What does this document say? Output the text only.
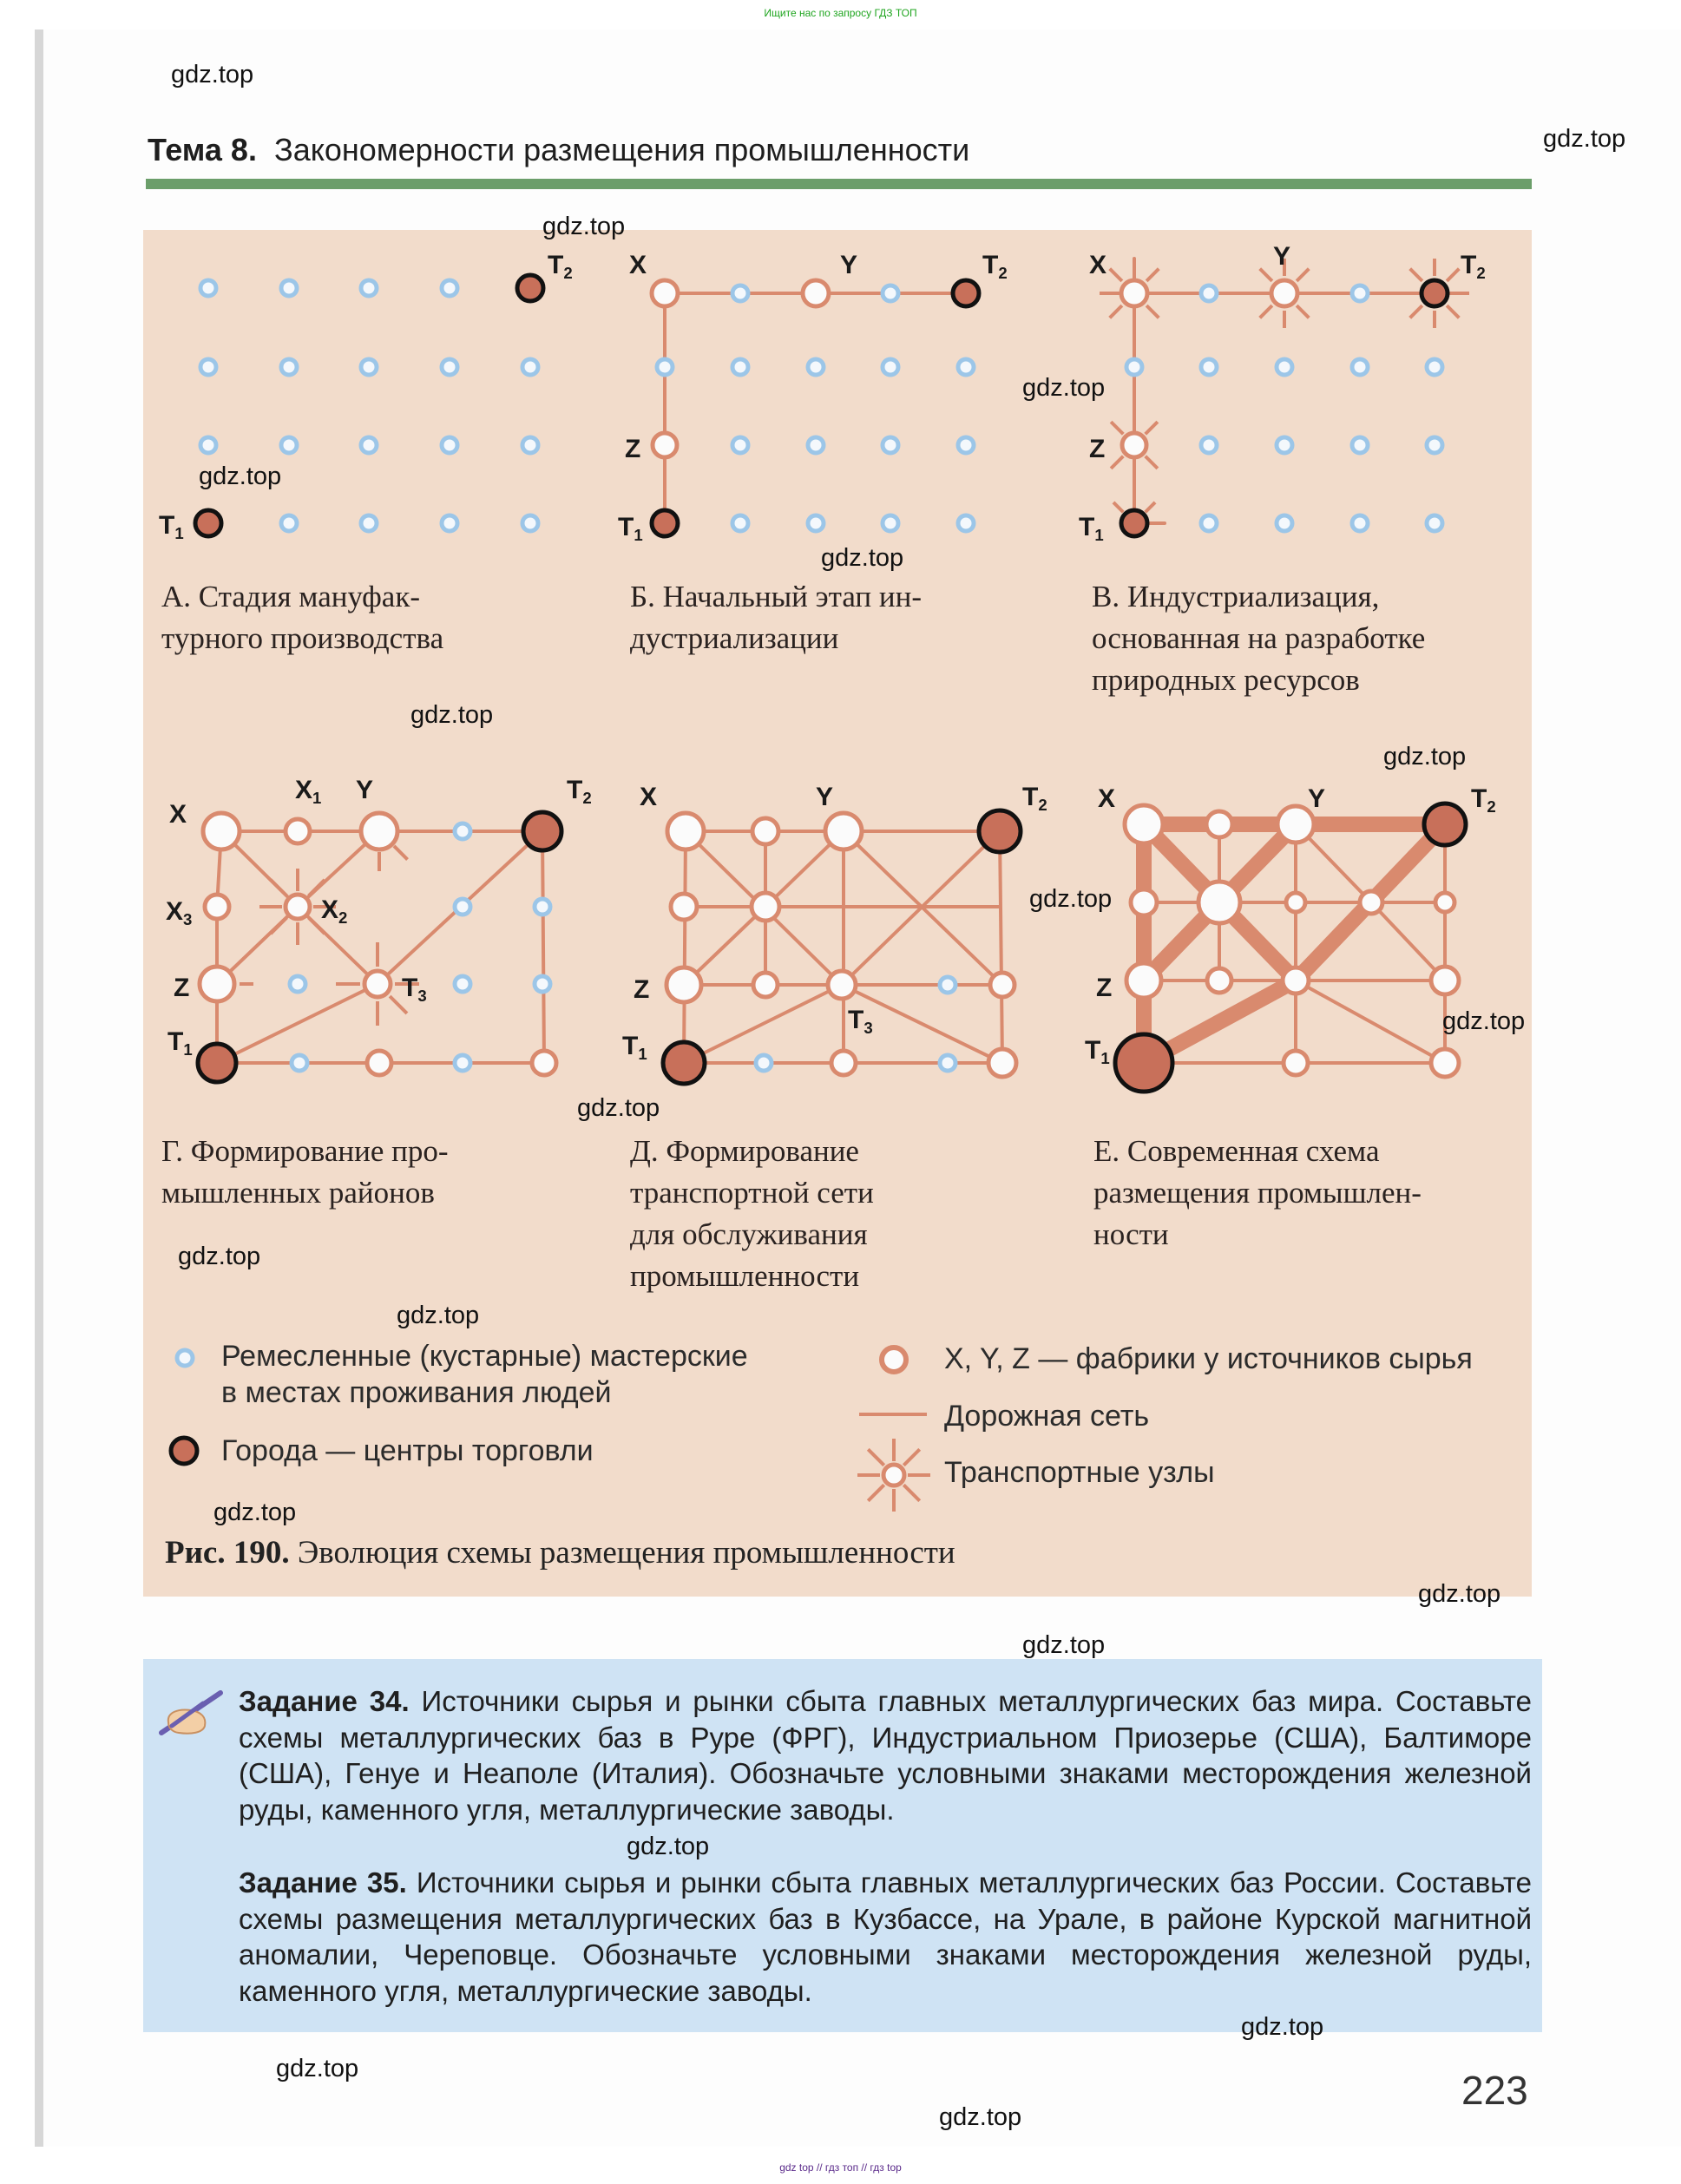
Ищите нас по запросу ГДЗ ТОП
Тема 8. Закономерности размещения промышленности
$T_2$
$T_1$
X	Y
Z
$T_2$
$T_1$
X	Y
Z
$T_2$
$T_1$
X
$X_1$ Y
$X_3$	$X_2$
Z	$T_3$
$T_2$
$T_1$
X	Y
Z
$T_3$
$T_2$
$T_1$
X	Y
Z
$T_2$
$T_1$
А. Стадия мануфак-
турного производства
Б. Начальный этап ин-
дустриализации
В. Индустриализация,
основанная на разработке
природных ресурсов
Г. Формирование про-
мышленных районов
Д. Формирование
транспортной сети
для обслуживания
промышленности
Е. Современная схема
размещения промышлен-
ности
Ремесленные (кустарные) мастерские
в местах проживания людей
Города — центры торговли
X, Y, Z — фабрики у источников сырья
Дорожная сеть
Транспортные узлы
Рис. 190. Эволюция схемы размещения промышленности
Задание 34. Источники сырья и рынки сбыта главных металлургических баз мира. Составьте схемы металлургических баз в Руре (ФРГ), Индустриальном Приозерье (США), Балтиморе (США), Генуе и Неаполе (Италия). Обозначьте условными знаками месторождения железной руды, каменного угля, металлургические заводы.
Задание 35. Источники сырья и рынки сбыта главных металлургических баз России. Составьте схемы размещения металлургических баз в Кузбассе, на Урале, в районе Курской магнитной аномалии, Череповце. Обозначьте условными знаками месторождения железной руды, каменного угля, металлургические заводы.
223
gdz.top
gdz.top
gdz.top
gdz.top
gdz.top
gdz.top
gdz.top
gdz.top
gdz.top
gdz.top
gdz.top
gdz.top
gdz.top
gdz.top
gdz.top
gdz.top
gdz.top
gdz.top
gdz.top
gdz.top
gdz top // гдз топ // гдз top
